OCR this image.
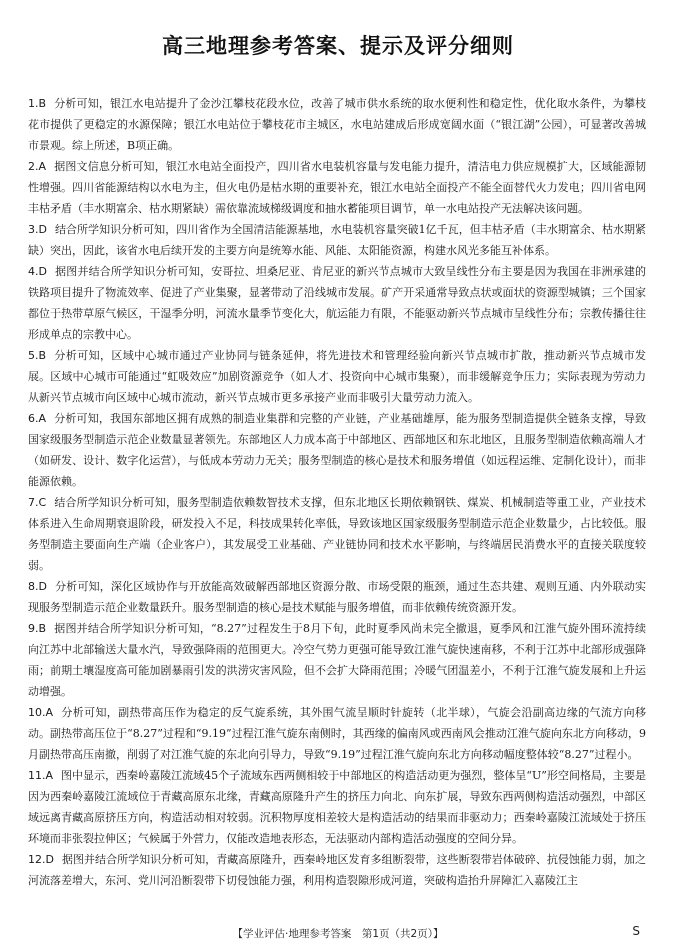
高三地理参考答案、提示及评分细则

1.B 分析可知，银江水电站提升了金沙江攀枝花段水位，改善了城市供水系统的取水便利性和稳定性，优化取水条件，为攀枝花市提供了更稳定的水源保障；银江水电站位于攀枝花市主城区，水电站建成后形成宽阔水面（“银江湖”公园），可显著改善城市景观。综上所述，B项正确。

2.A 据图文信息分析可知，银江水电站全面投产，四川省水电装机容量与发电能力提升，清洁电力供应规模扩大，区域能源韧性增强。四川省能源结构以水电为主，但火电仍是枯水期的重要补充，银江水电站全面投产不能全面替代火力发电；四川省电网丰枯矛盾（丰水期富余、枯水期紧缺）需依靠流域梯级调度和抽水蓄能项目调节，单一水电站投产无法解决该问题。

3.D 结合所学知识分析可知，四川省作为全国清洁能源基地，水电装机容量突破1亿千瓦，但丰枯矛盾（丰水期富余、枯水期紧缺）突出，因此，该省水电后续开发的主要方向是统筹水能、风能、太阳能资源，构建水风光多能互补体系。

4.D 据图并结合所学知识分析可知，安哥拉、坦桑尼亚、肯尼亚的新兴节点城市大致呈线性分布主要是因为我国在非洲承建的铁路项目提升了物流效率、促进了产业集聚，显著带动了沿线城市发展。矿产开采通常导致点状或面状的资源型城镇；三个国家都位于热带草原气候区，干湿季分明，河流水量季节变化大，航运能力有限，不能驱动新兴节点城市呈线性分布；宗教传播往往形成单点的宗教中心。

5.B 分析可知，区域中心城市通过产业协同与链条延伸，将先进技术和管理经验向新兴节点城市扩散，推动新兴节点城市发展。区域中心城市可能通过“虹吸效应”加剧资源竞争（如人才、投资向中心城市集聚），而非缓解竞争压力；实际表现为劳动力从新兴节点城市向区域中心城市流动，新兴节点城市更多承接产业而非吸引大量劳动力流入。

6.A 分析可知，我国东部地区拥有成熟的制造业集群和完整的产业链，产业基础雄厚，能为服务型制造提供全链条支撑，导致国家级服务型制造示范企业数量显著领先。东部地区人力成本高于中部地区、西部地区和东北地区，且服务型制造依赖高端人才（如研发、设计、数字化运营），与低成本劳动力无关；服务型制造的核心是技术和服务增值（如远程运维、定制化设计），而非能源依赖。

7.C 结合所学知识分析可知，服务型制造依赖数智技术支撑，但东北地区长期依赖钢铁、煤炭、机械制造等重工业，产业技术体系进入生命周期衰退阶段，研发投入不足，科技成果转化率低，导致该地区国家级服务型制造示范企业数量少，占比较低。服务型制造主要面向生产端（企业客户），其发展受工业基础、产业链协同和技术水平影响，与终端居民消费水平的直接关联度较弱。

8.D 分析可知，深化区域协作与开放能高效破解西部地区资源分散、市场受限的瓶颈，通过生态共建、观则互通、内外联动实现服务型制造示范企业数量跃升。服务型制造的核心是技术赋能与服务增值，而非依赖传统资源开发。

9.B 据图并结合所学知识分析可知，“8.27”过程发生于8月下旬，此时夏季风尚未完全撤退，夏季风和江淮气旋外围环流持续向江苏中北部输送大量水汽，导致强降雨的范围更大。冷空气势力更强可能导致江淮气旋快速南移，不利于江苏中北部形成强降雨；前期土壤湿度高可能加剧暴雨引发的洪涝灾害风险，但不会扩大降雨范围；冷暖气团温差小，不利于江淮气旋发展和上升运动增强。

10.A 分析可知，副热带高压作为稳定的反气旋系统，其外围气流呈顺时针旋转（北半球），气旋会沿副高边缘的气流方向移动。副热带高压位于“8.27”过程和“9.19”过程江淮气旋东南侧时，其西缘的偏南风或西南风会推动江淮气旋向东北方向移动，9月副热带高压南撤，削弱了对江淮气旋的东北向引导力，导致“9.19”过程江淮气旋向东北方向移动幅度整体较“8.27”过程小。

11.A 图中显示，西秦岭嘉陵江流域45个子流域东西两侧相较于中部地区的构造活动更为强烈，整体呈“U”形空间格局，主要是因为西秦岭嘉陵江流域位于青藏高原东北缘，青藏高原隆升产生的挤压力向北、向东扩展，导致东西两侧构造活动强烈，中部区域远离青藏高原挤压方向，构造活动相对较弱。沉积物厚度相差较大是构造活动的结果而非驱动力；西秦岭嘉陵江流域处于挤压环境而非张裂拉伸区；气候属于外营力，仅能改造地表形态，无法驱动内部构造活动强度的空间分异。

12.D 据图并结合所学知识分析可知，青藏高原隆升，西秦岭地区发育多组断裂带，这些断裂带岩体破碎、抗侵蚀能力弱，加之河流落差增大，东河、党川河沿断裂带下切侵蚀能力强，利用构造裂隙形成河道，突破构造抬升屏障汇入嘉陵江主

【学业评估·地理参考答案　第1页（共2页）】	S
